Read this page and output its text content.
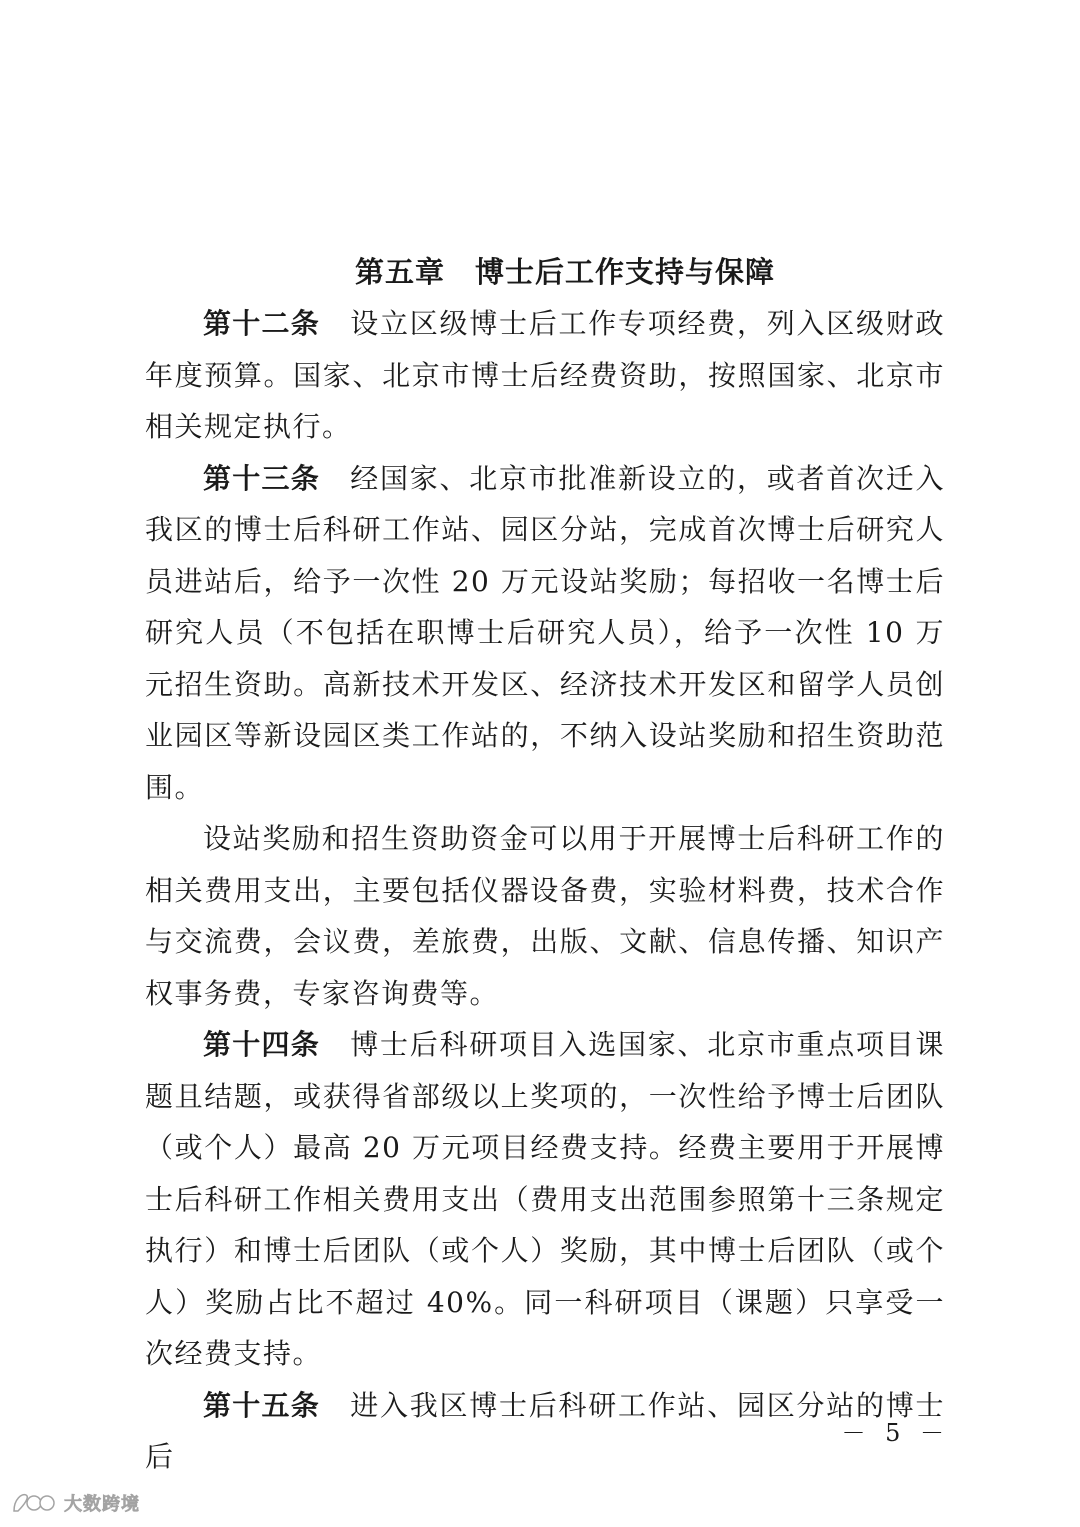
第五章　博士后工作支持与保障

第十二条 设立区级博士后工作专项经费，列入区级财政年度预算。国家、北京市博士后经费资助，按照国家、北京市相关规定执行。

第十三条 经国家、北京市批准新设立的，或者首次迁入我区的博士后科研工作站、园区分站，完成首次博士后研究人员进站后，给予一次性 20 万元设站奖励；每招收一名博士后研究人员（不包括在职博士后研究人员），给予一次性 10 万元招生资助。高新技术开发区、经济技术开发区和留学人员创业园区等新设园区类工作站的，不纳入设站奖励和招生资助范围。

设站奖励和招生资助资金可以用于开展博士后科研工作的相关费用支出，主要包括仪器设备费，实验材料费，技术合作与交流费，会议费，差旅费，出版、文献、信息传播、知识产权事务费，专家咨询费等。

第十四条 博士后科研项目入选国家、北京市重点项目课题且结题，或获得省部级以上奖项的，一次性给予博士后团队（或个人）最高 20 万元项目经费支持。经费主要用于开展博士后科研工作相关费用支出（费用支出范围参照第十三条规定执行）和博士后团队（或个人）奖励，其中博士后团队（或个人）奖励占比不超过 40%。同一科研项目（课题）只享受一次经费支持。

第十五条 进入我区博士后科研工作站、园区分站的博士后

－ 5 －
大数跨境
